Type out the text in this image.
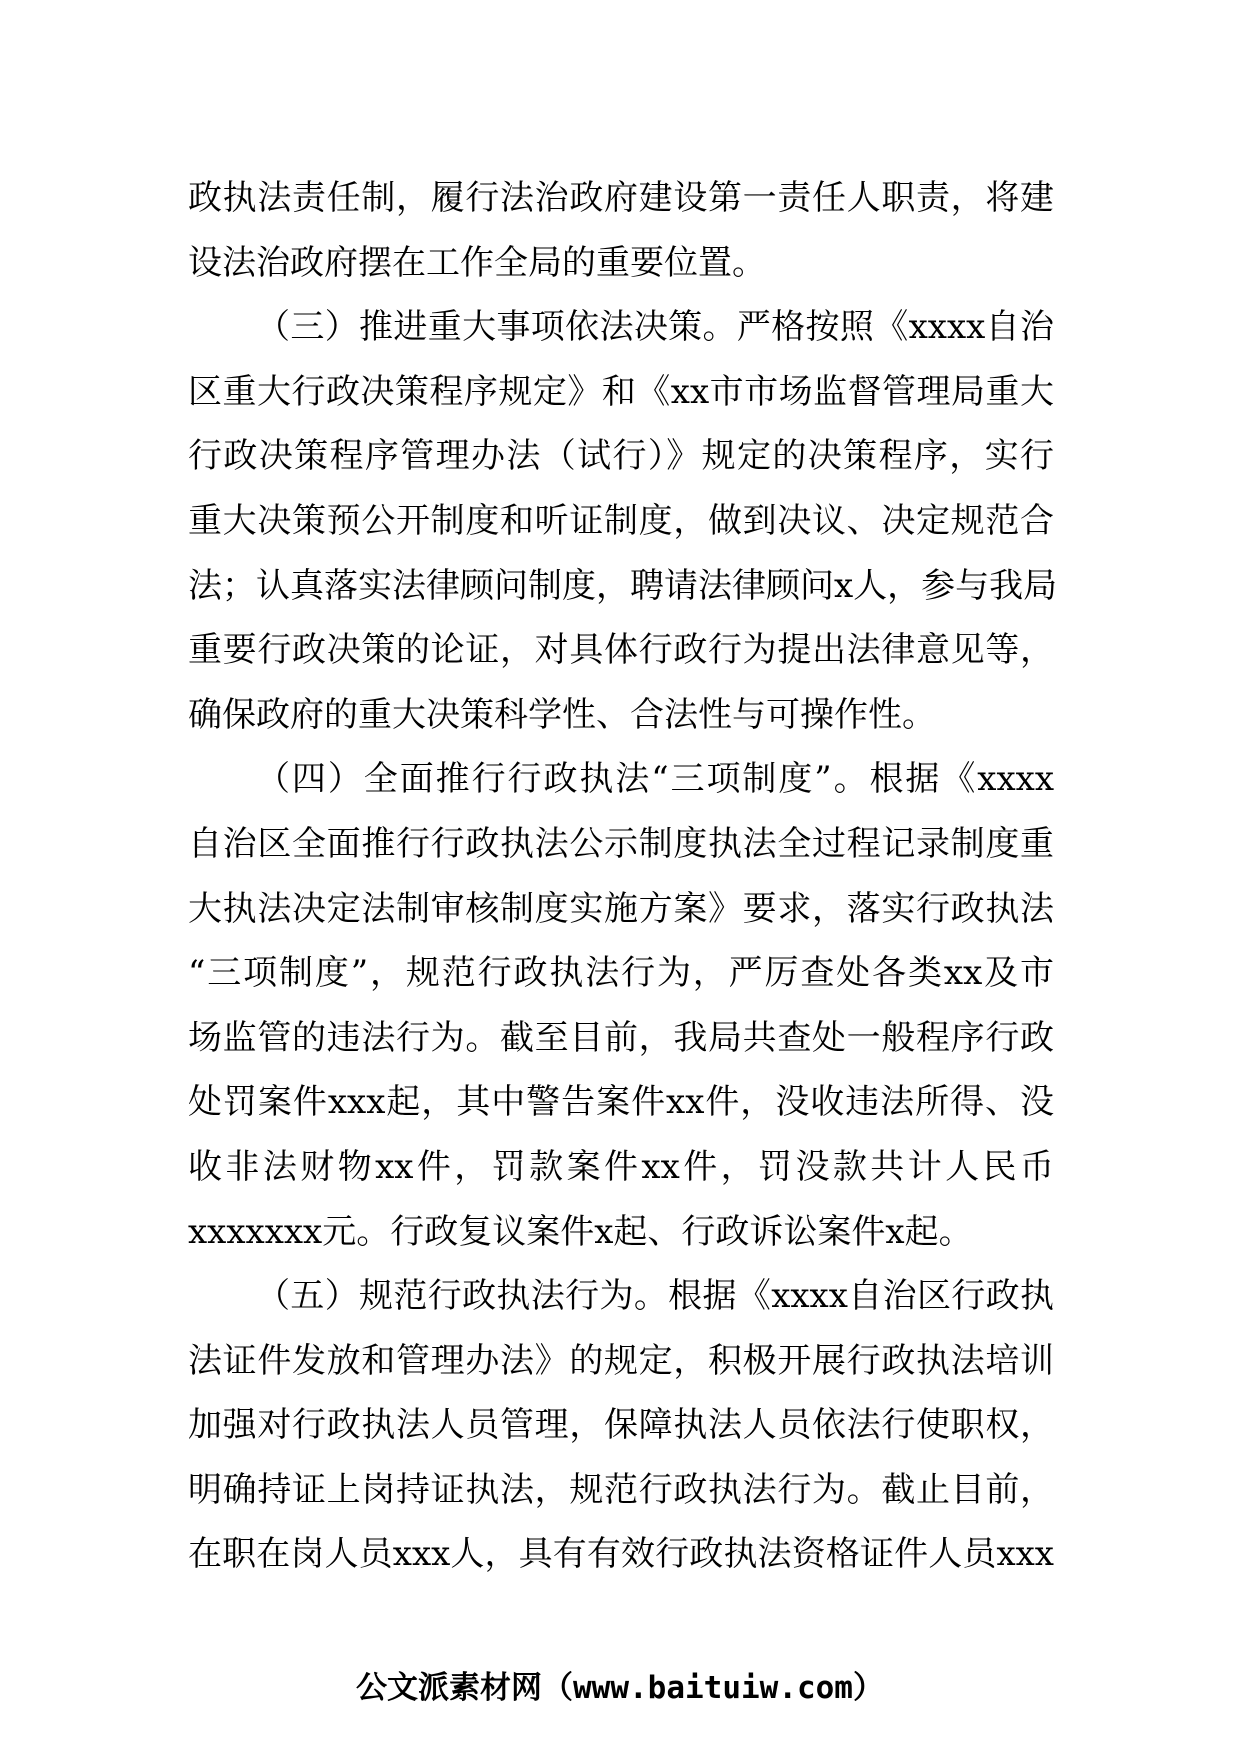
政执法责任制，履行法治政府建设第一责任人职责，将建

设法治政府摆在工作全局的重要位置。

（三）推进重大事项依法决策。严格按照《xxxx自治

区重大行政决策程序规定》和《xx市市场监督管理局重大

行政决策程序管理办法（试行）》规定的决策程序，实行

重大决策预公开制度和听证制度，做到决议、决定规范合

法；认真落实法律顾问制度，聘请法律顾问x人，参与我局

重要行政决策的论证，对具体行政行为提出法律意见等，

确保政府的重大决策科学性、合法性与可操作性。

（四）全面推行行政执法“三项制度”。根据《xxxx

自治区全面推行行政执法公示制度执法全过程记录制度重

大执法决定法制审核制度实施方案》要求，落实行政执法

“三项制度”，规范行政执法行为，严厉查处各类xx及市

场监管的违法行为。截至目前，我局共查处一般程序行政

处罚案件xxx起，其中警告案件xx件，没收违法所得、没

收非法财物xx件，罚款案件xx件，罚没款共计人民币

xxxxxxx元。行政复议案件x起、行政诉讼案件x起。

（五）规范行政执法行为。根据《xxxx自治区行政执

法证件发放和管理办法》的规定，积极开展行政执法培训

加强对行政执法人员管理，保障执法人员依法行使职权，

明确持证上岗持证执法，规范行政执法行为。截止目前，

在职在岗人员xxx人，具有有效行政执法资格证件人员xxx

公文派素材网（www.baituiw.com）
